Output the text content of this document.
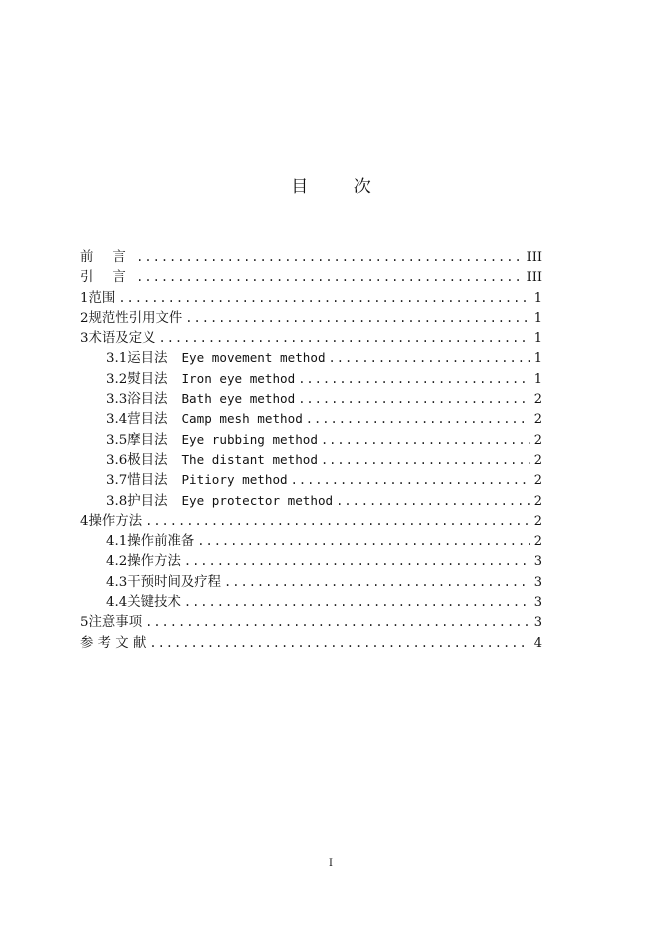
目 次
前 言 .....	III
引 言 .....	III
1 范围 .....	1
2 规范性引用文件 .....	1
3 术语及定义 .....	1
3.1 运目法 Eye movement method .....	1
3.2 熨目法 Iron eye method .....	1
3.3 浴目法 Bath eye method .....	2
3.4 营目法 Camp mesh method .....	2
3.5 摩目法 Eye rubbing method .....	2
3.6 极目法 The distant method .....	2
3.7 惜目法 Pitiory method .....	2
3.8 护目法 Eye protector method .....	2
4 操作方法 .....	2
4.1 操作前准备 .....	2
4.2 操作方法 .....	3
4.3 干预时间及疗程 .....	3
4.4 关键技术 .....	3
5 注意事项 .....	3
参 考 文 献 .....	4
I
